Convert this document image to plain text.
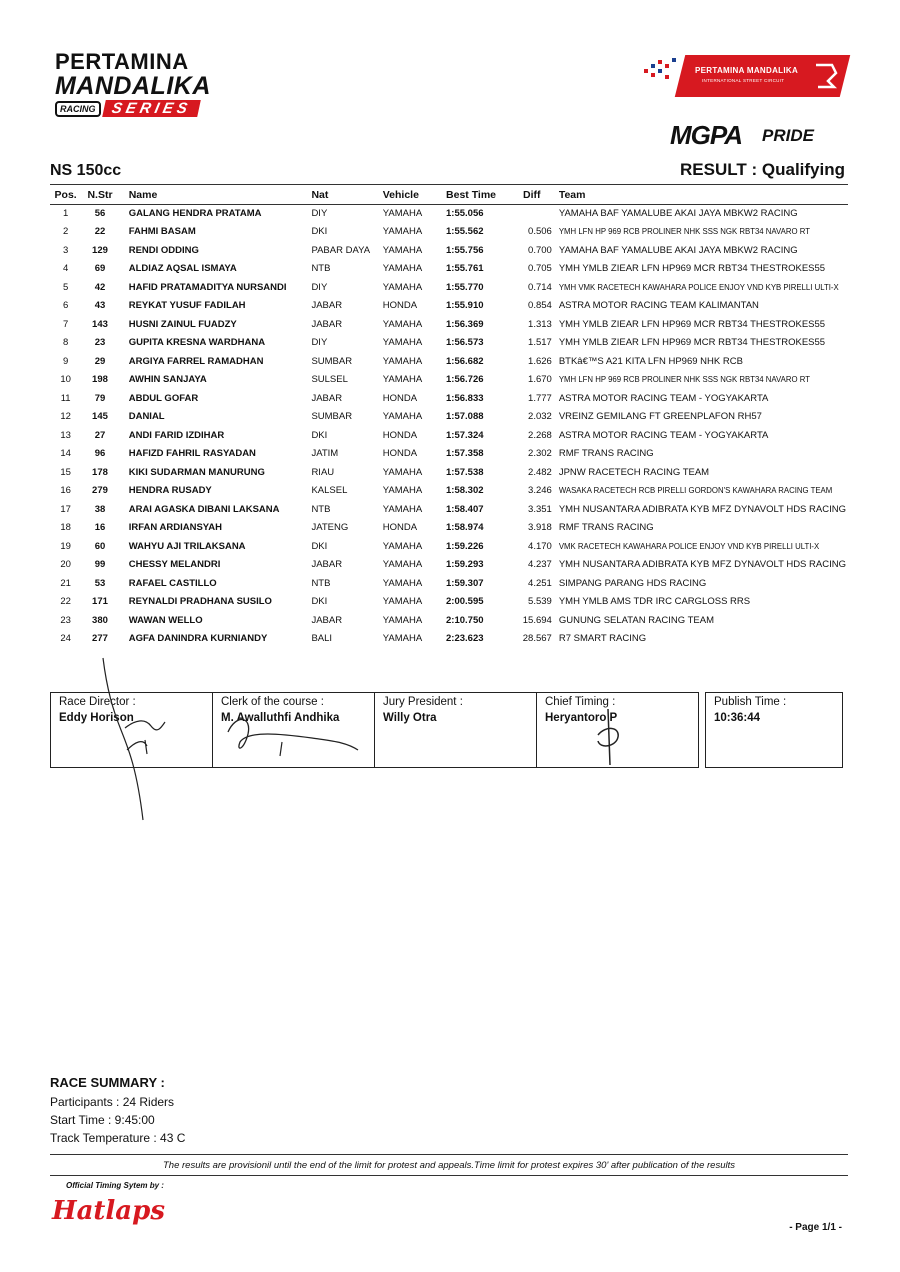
PERTAMINA
MANDALIKA
RACING SERIES
PERTAMINA MANDALIKA
INTERNATIONAL STREET CIRCUIT
MGPA PRIDE
NS 150cc	RESULT : Qualifying
Pos.	N.Str	Name	Nat	Vehicle	Best Time	Diff	Team
1	56	GALANG HENDRA PRATAMA	DIY	YAMAHA	1:55.056		YAMAHA BAF YAMALUBE AKAI JAYA MBKW2 RACING
2	22	FAHMI BASAM	DKI	YAMAHA	1:55.562	0.506	YMH LFN HP 969 RCB PROLINER NHK SSS NGK RBT34 NAVARO RT
3	129	RENDI ODDING	PABAR DAYA	YAMAHA	1:55.756	0.700	YAMAHA BAF YAMALUBE AKAI JAYA MBKW2 RACING
4	69	ALDIAZ AQSAL ISMAYA	NTB	YAMAHA	1:55.761	0.705	YMH YMLB ZIEAR LFN HP969 MCR RBT34 THESTROKES55
5	42	HAFID PRATAMADITYA NURSANDI	DIY	YAMAHA	1:55.770	0.714	YMH VMK RACETECH KAWAHARA POLICE ENJOY VND KYB PIRELLI ULTI-X
6	43	REYKAT YUSUF FADILAH	JABAR	HONDA	1:55.910	0.854	ASTRA MOTOR RACING TEAM KALIMANTAN
7	143	HUSNI ZAINUL FUADZY	JABAR	YAMAHA	1:56.369	1.313	YMH YMLB ZIEAR LFN HP969 MCR RBT34 THESTROKES55
8	23	GUPITA KRESNA WARDHANA	DIY	YAMAHA	1:56.573	1.517	YMH YMLB ZIEAR LFN HP969 MCR RBT34 THESTROKES55
9	29	ARGIYA FARREL RAMADHAN	SUMBAR	YAMAHA	1:56.682	1.626	BTKâ€™S A21 KITA LFN HP969 NHK RCB
10	198	AWHIN SANJAYA	SULSEL	YAMAHA	1:56.726	1.670	YMH LFN HP 969 RCB PROLINER NHK SSS NGK RBT34 NAVARO RT
11	79	ABDUL GOFAR	JABAR	HONDA	1:56.833	1.777	ASTRA MOTOR RACING TEAM - YOGYAKARTA
12	145	DANIAL	SUMBAR	YAMAHA	1:57.088	2.032	VREINZ GEMILANG FT GREENPLAFON RH57
13	27	ANDI FARID IZDIHAR	DKI	HONDA	1:57.324	2.268	ASTRA MOTOR RACING TEAM - YOGYAKARTA
14	96	HAFIZD FAHRIL RASYADAN	JATIM	HONDA	1:57.358	2.302	RMF TRANS RACING
15	178	KIKI SUDARMAN MANURUNG	RIAU	YAMAHA	1:57.538	2.482	JPNW RACETECH RACING TEAM
16	279	HENDRA RUSADY	KALSEL	YAMAHA	1:58.302	3.246	WASAKA RACETECH RCB PIRELLI GORDON'S KAWAHARA RACING TEAM
17	38	ARAI AGASKA DIBANI LAKSANA	NTB	YAMAHA	1:58.407	3.351	YMH NUSANTARA ADIBRATA KYB MFZ DYNAVOLT HDS RACING
18	16	IRFAN ARDIANSYAH	JATENG	HONDA	1:58.974	3.918	RMF TRANS RACING
19	60	WAHYU AJI TRILAKSANA	DKI	YAMAHA	1:59.226	4.170	VMK RACETECH KAWAHARA POLICE ENJOY VND KYB PIRELLI ULTI-X
20	99	CHESSY MELANDRI	JABAR	YAMAHA	1:59.293	4.237	YMH NUSANTARA ADIBRATA KYB MFZ DYNAVOLT HDS RACING
21	53	RAFAEL CASTILLO	NTB	YAMAHA	1:59.307	4.251	SIMPANG PARANG HDS RACING
22	171	REYNALDI PRADHANA SUSILO	DKI	YAMAHA	2:00.595	5.539	YMH YMLB AMS TDR IRC CARGLOSS RRS
23	380	WAWAN WELLO	JABAR	YAMAHA	2:10.750	15.694	GUNUNG SELATAN RACING TEAM
24	277	AGFA DANINDRA KURNIANDY	BALI	YAMAHA	2:23.623	28.567	R7 SMART RACING
Race Director :
Eddy Horison
Clerk of the course :
M. Awalluthfi Andhika
Jury President :
Willy Otra
Chief Timing :
Heryantoro P
Publish Time :
10:36:44
RACE SUMMARY :
Participants : 24 Riders
Start Time : 9:45:00
Track Temperature : 43 C
The results are provisionil until the end of the limit for protest and appeals.Time limit for protest expires 30' after publication of the results
Official Timing Sytem by :
Hatlaps
- Page 1/1 -
